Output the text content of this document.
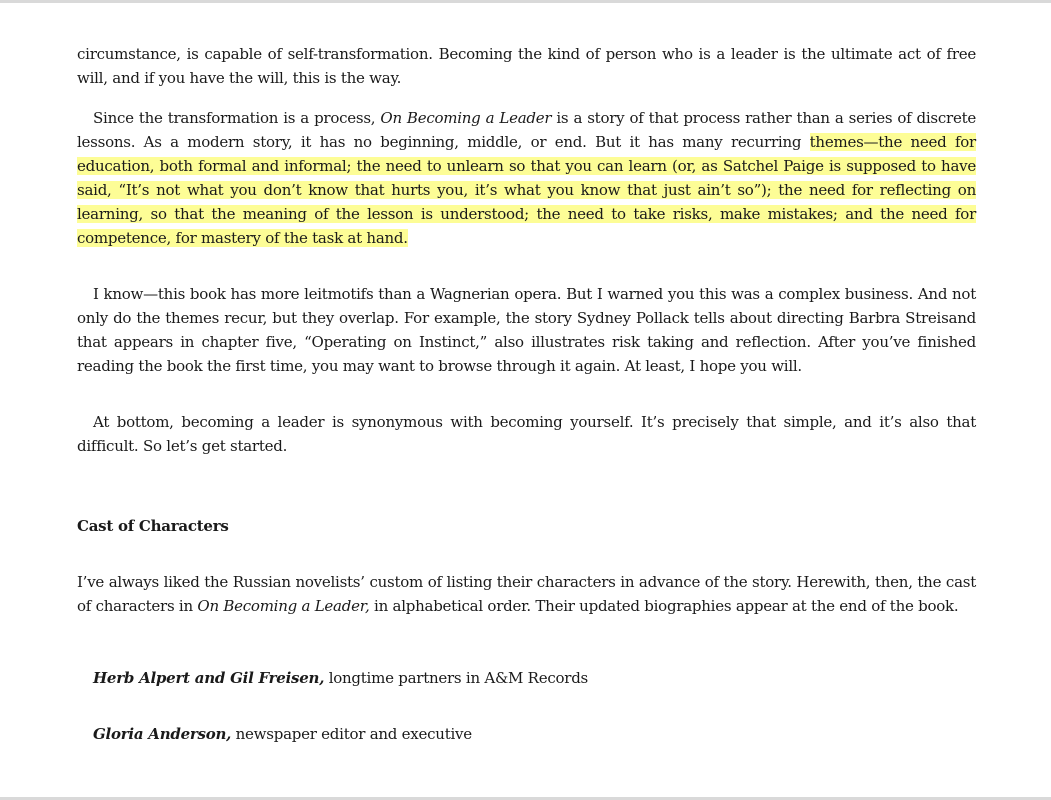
circumstance, is capable of self-transformation. Becoming the kind of person who is a leader is the ultimate act of free will, and if you have the will, this is the way.

Since the transformation is a process, On Becoming a Leader is a story of that process rather than a series of discrete lessons. As a modern story, it has no beginning, middle, or end. But it has many recurring themes—the need for education, both formal and informal; the need to unlearn so that you can learn (or, as Satchel Paige is supposed to have said, “It’s not what you don’t know that hurts you, it’s what you know that just ain’t so”); the need for reflecting on learning, so that the meaning of the lesson is understood; the need to take risks, make mistakes; and the need for competence, for mastery of the task at hand.

I know—this book has more leitmotifs than a Wagnerian opera. But I warned you this was a complex business. And not only do the themes recur, but they overlap. For example, the story Sydney Pollack tells about directing Barbra Streisand that appears in chapter five, “Operating on Instinct,” also illustrates risk taking and reflection. After you’ve finished reading the book the first time, you may want to browse through it again. At least, I hope you will.

At bottom, becoming a leader is synonymous with becoming yourself. It’s precisely that simple, and it’s also that difficult. So let’s get started.

Cast of Characters

I’ve always liked the Russian novelists’ custom of listing their characters in advance of the story. Herewith, then, the cast of characters in On Becoming a Leader, in alphabetical order. Their updated biographies appear at the end of the book.

Herb Alpert and Gil Freisen, longtime partners in A&M Records

Gloria Anderson, newspaper editor and executive
